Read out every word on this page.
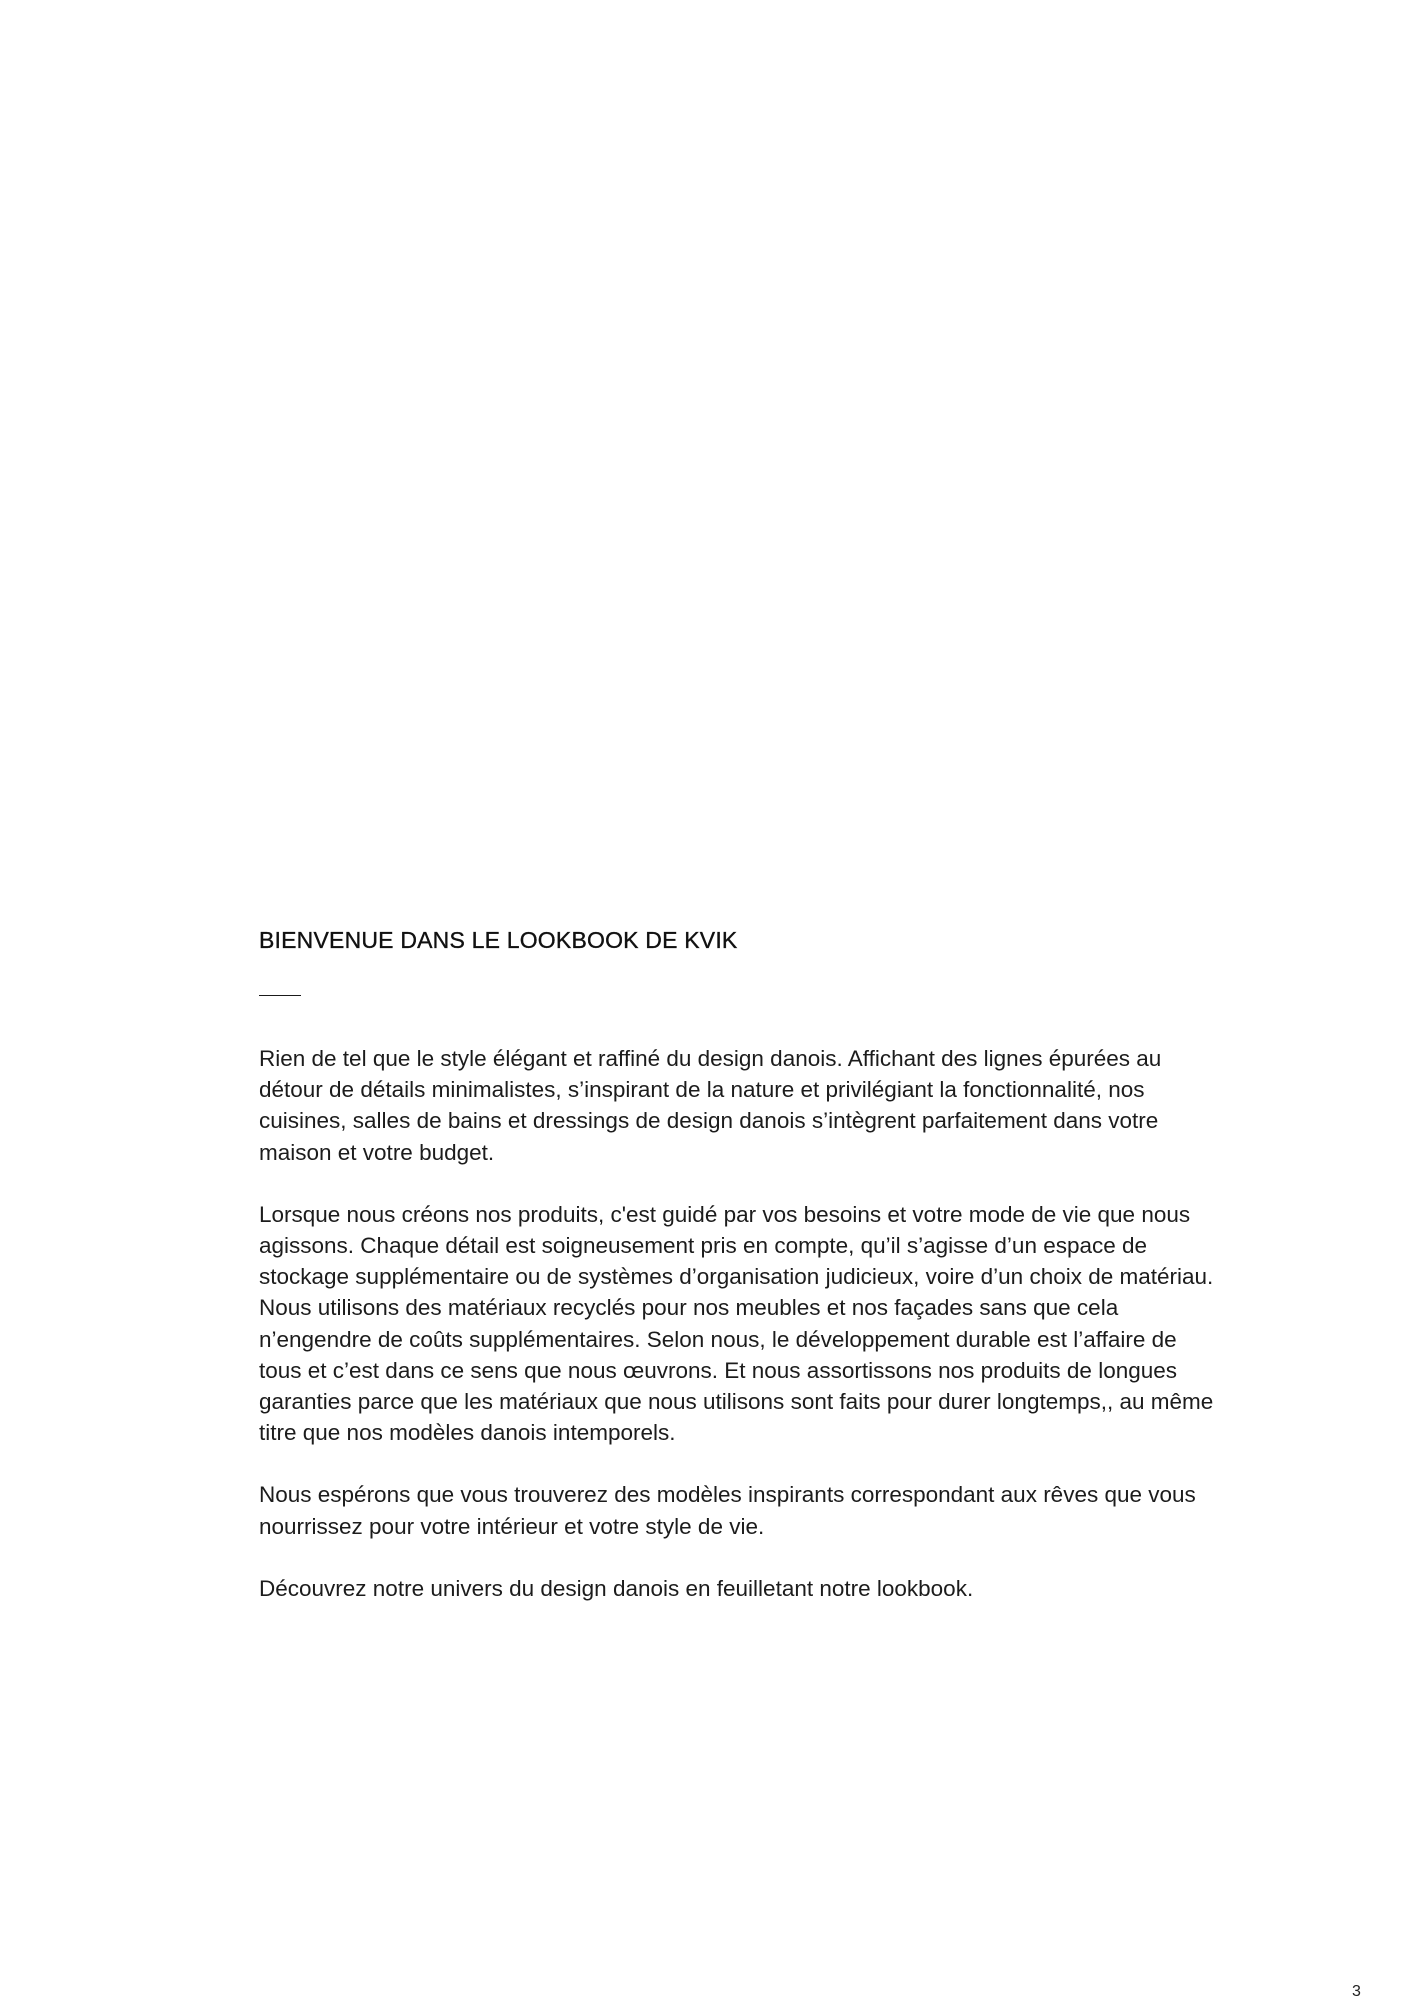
BIENVENUE DANS LE LOOKBOOK DE KVIK

Rien de tel que le style élégant et raffiné du design danois. Affichant des lignes épurées au détour de détails minimalistes, s’inspirant de la nature et privilégiant la fonctionnalité, nos cuisines, salles de bains et dressings de design danois s’intègrent parfaitement dans votre maison et votre budget.

Lorsque nous créons nos produits, c'est guidé par vos besoins et votre mode de vie que nous agissons. Chaque détail est soigneusement pris en compte, qu’il s’agisse d’un espace de stockage supplémentaire ou de systèmes d’organisation judicieux, voire d’un choix de matériau. Nous utilisons des matériaux recyclés pour nos meubles et nos façades sans que cela n’engendre de coûts supplémentaires. Selon nous, le développement durable est l’affaire de tous et c’est dans ce sens que nous œuvrons. Et nous assortissons nos produits de longues garanties parce que les matériaux que nous utilisons sont faits pour durer longtemps,, au même titre que nos modèles danois intemporels.

Nous espérons que vous trouverez des modèles inspirants correspondant aux rêves que vous nourrissez pour votre intérieur et votre style de vie.

Découvrez notre univers du design danois en feuilletant notre lookbook.

3
